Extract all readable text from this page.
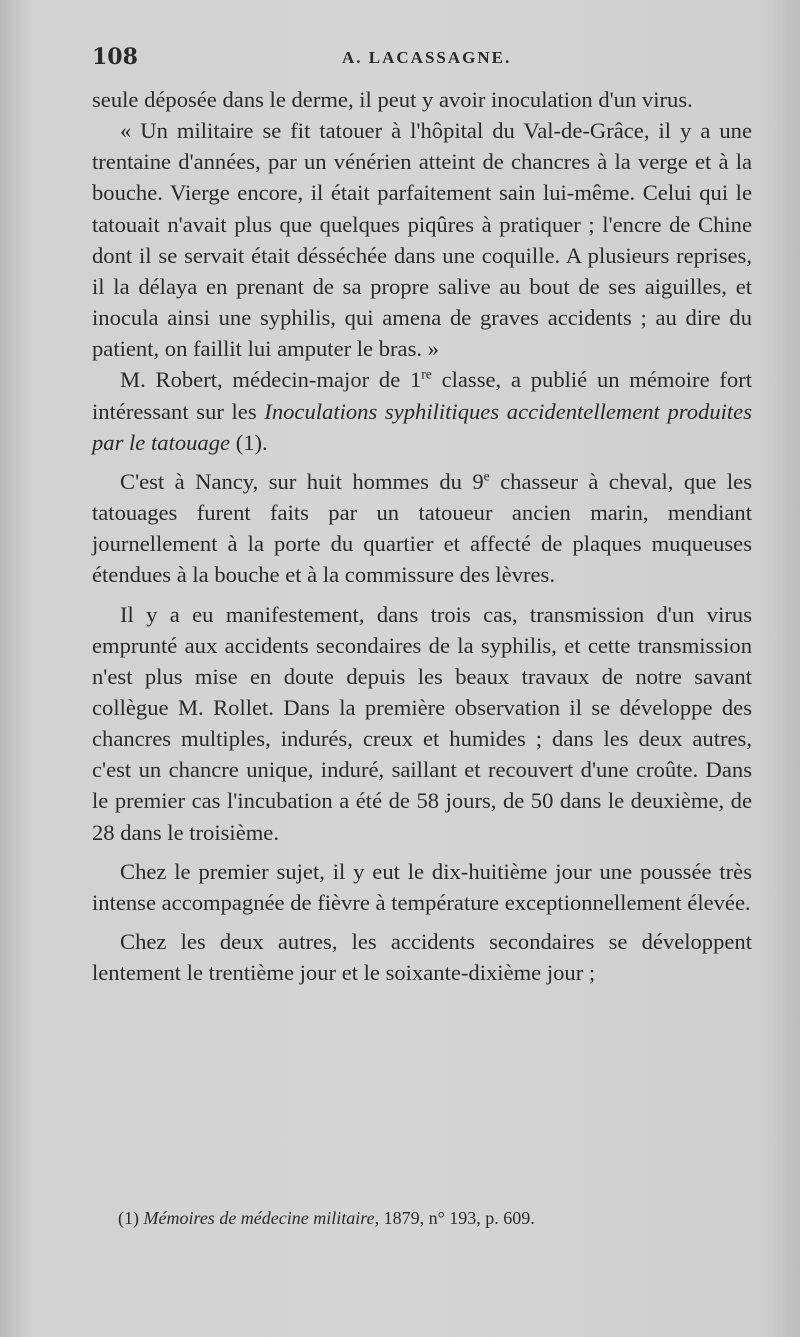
108	A. LACASSAGNE.

seule déposée dans le derme, il peut y avoir inoculation d'un virus.

« Un militaire se fit tatouer à l'hôpital du Val-de-Grâce, il y a une trentaine d'années, par un vénérien atteint de chancres à la verge et à la bouche. Vierge encore, il était parfaitement sain lui-même. Celui qui le tatouait n'avait plus que quelques piqûres à pratiquer ; l'encre de Chine dont il se servait était désséchée dans une coquille. A plusieurs reprises, il la délaya en prenant de sa propre salive au bout de ses aiguilles, et inocula ainsi une syphilis, qui amena de graves accidents ; au dire du patient, on faillit lui amputer le bras. »

M. Robert, médecin-major de 1re classe, a publié un mémoire fort intéressant sur les Inoculations syphilitiques accidentellement produites par le tatouage (1).

C'est à Nancy, sur huit hommes du 9e chasseur à cheval, que les tatouages furent faits par un tatoueur ancien marin, mendiant journellement à la porte du quartier et affecté de plaques muqueuses étendues à la bouche et à la commissure des lèvres.

Il y a eu manifestement, dans trois cas, transmission d'un virus emprunté aux accidents secondaires de la syphilis, et cette transmission n'est plus mise en doute depuis les beaux travaux de notre savant collègue M. Rollet. Dans la première observation il se développe des chancres multiples, indurés, creux et humides ; dans les deux autres, c'est un chancre unique, induré, saillant et recouvert d'une croûte. Dans le premier cas l'incubation a été de 58 jours, de 50 dans le deuxième, de 28 dans le troisième.

Chez le premier sujet, il y eut le dix-huitième jour une poussée très intense accompagnée de fièvre à température exceptionnellement élevée.

Chez les deux autres, les accidents secondaires se développent lentement le trentième jour et le soixante-dixième jour ;

(1) Mémoires de médecine militaire, 1879, n° 193, p. 609.
